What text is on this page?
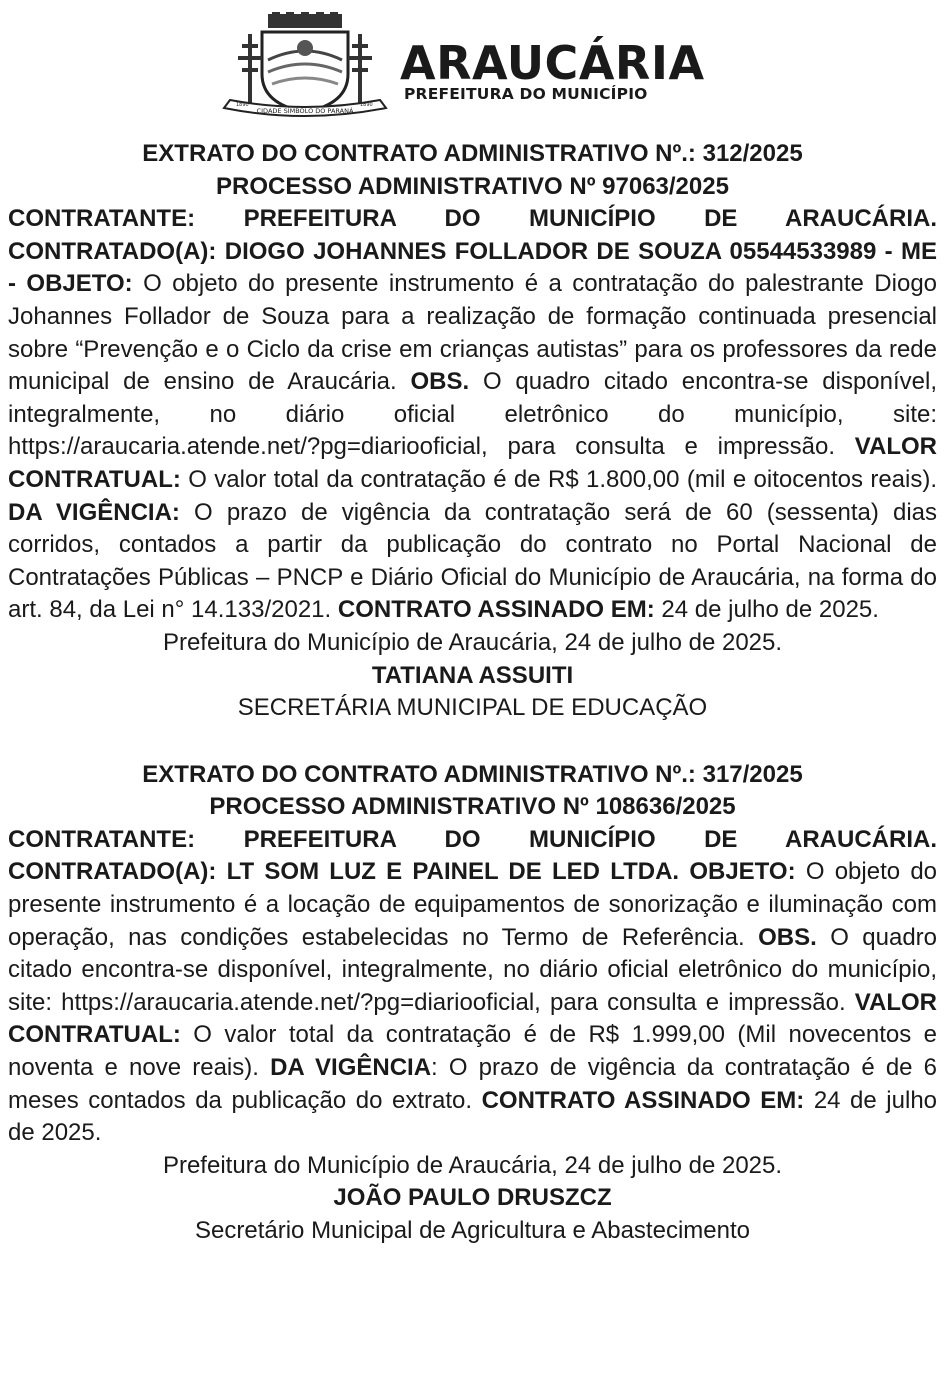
CIDADE SÍMBOLO DO PARANÁ
1890	1890
ARAUCÁRIA
PREFEITURA DO MUNICÍPIO

EXTRATO DO CONTRATO ADMINISTRATIVO Nº.: 312/2025

PROCESSO ADMINISTRATIVO Nº 97063/2025

CONTRATANTE: PREFEITURA DO MUNICÍPIO DE ARAUCÁRIA. CONTRATADO(A): DIOGO JOHANNES FOLLADOR DE SOUZA 05544533989 - ME - OBJETO: O objeto do presente instrumento é a contratação do palestrante Diogo Johannes Follador de Souza para a realização de formação continuada presencial sobre “Prevenção e o Ciclo da crise em crianças autistas” para os professores da rede municipal de ensino de Araucária. OBS. O quadro citado encontra-se disponível, integralmente, no diário oficial eletrônico do município, site: https://araucaria.atende.net/?pg=diariooficial, para consulta e impressão. VALOR CONTRATUAL: O valor total da contratação é de R$ 1.800,00 (mil e oitocentos reais). DA VIGÊNCIA: O prazo de vigência da contratação será de 60 (sessenta) dias corridos, contados a partir da publicação do contrato no Portal Nacional de Contratações Públicas – PNCP e Diário Oficial do Município de Araucária, na forma do art. 84, da Lei n° 14.133/2021. CONTRATO ASSINADO EM: 24 de julho de 2025.

Prefeitura do Município de Araucária, 24 de julho de 2025.

TATIANA ASSUITI

SECRETÁRIA MUNICIPAL DE EDUCAÇÃO

EXTRATO DO CONTRATO ADMINISTRATIVO Nº.: 317/2025

PROCESSO ADMINISTRATIVO Nº 108636/2025

CONTRATANTE: PREFEITURA DO MUNICÍPIO DE ARAUCÁRIA. CONTRATADO(A): LT SOM LUZ E PAINEL DE LED LTDA. OBJETO: O objeto do presente instrumento é a locação de equipamentos de sonorização e iluminação com operação, nas condições estabelecidas no Termo de Referência. OBS. O quadro citado encontra-se disponível, integralmente, no diário oficial eletrônico do município, site: https://araucaria.atende.net/?pg=diariooficial, para consulta e impressão. VALOR CONTRATUAL: O valor total da contratação é de R$ 1.999,00 (Mil novecentos e noventa e nove reais). DA VIGÊNCIA: O prazo de vigência da contratação é de 6 meses contados da publicação do extrato. CONTRATO ASSINADO EM: 24 de julho de 2025.

Prefeitura do Município de Araucária, 24 de julho de 2025.

JOÃO PAULO DRUSZCZ

Secretário Municipal de Agricultura e Abastecimento
